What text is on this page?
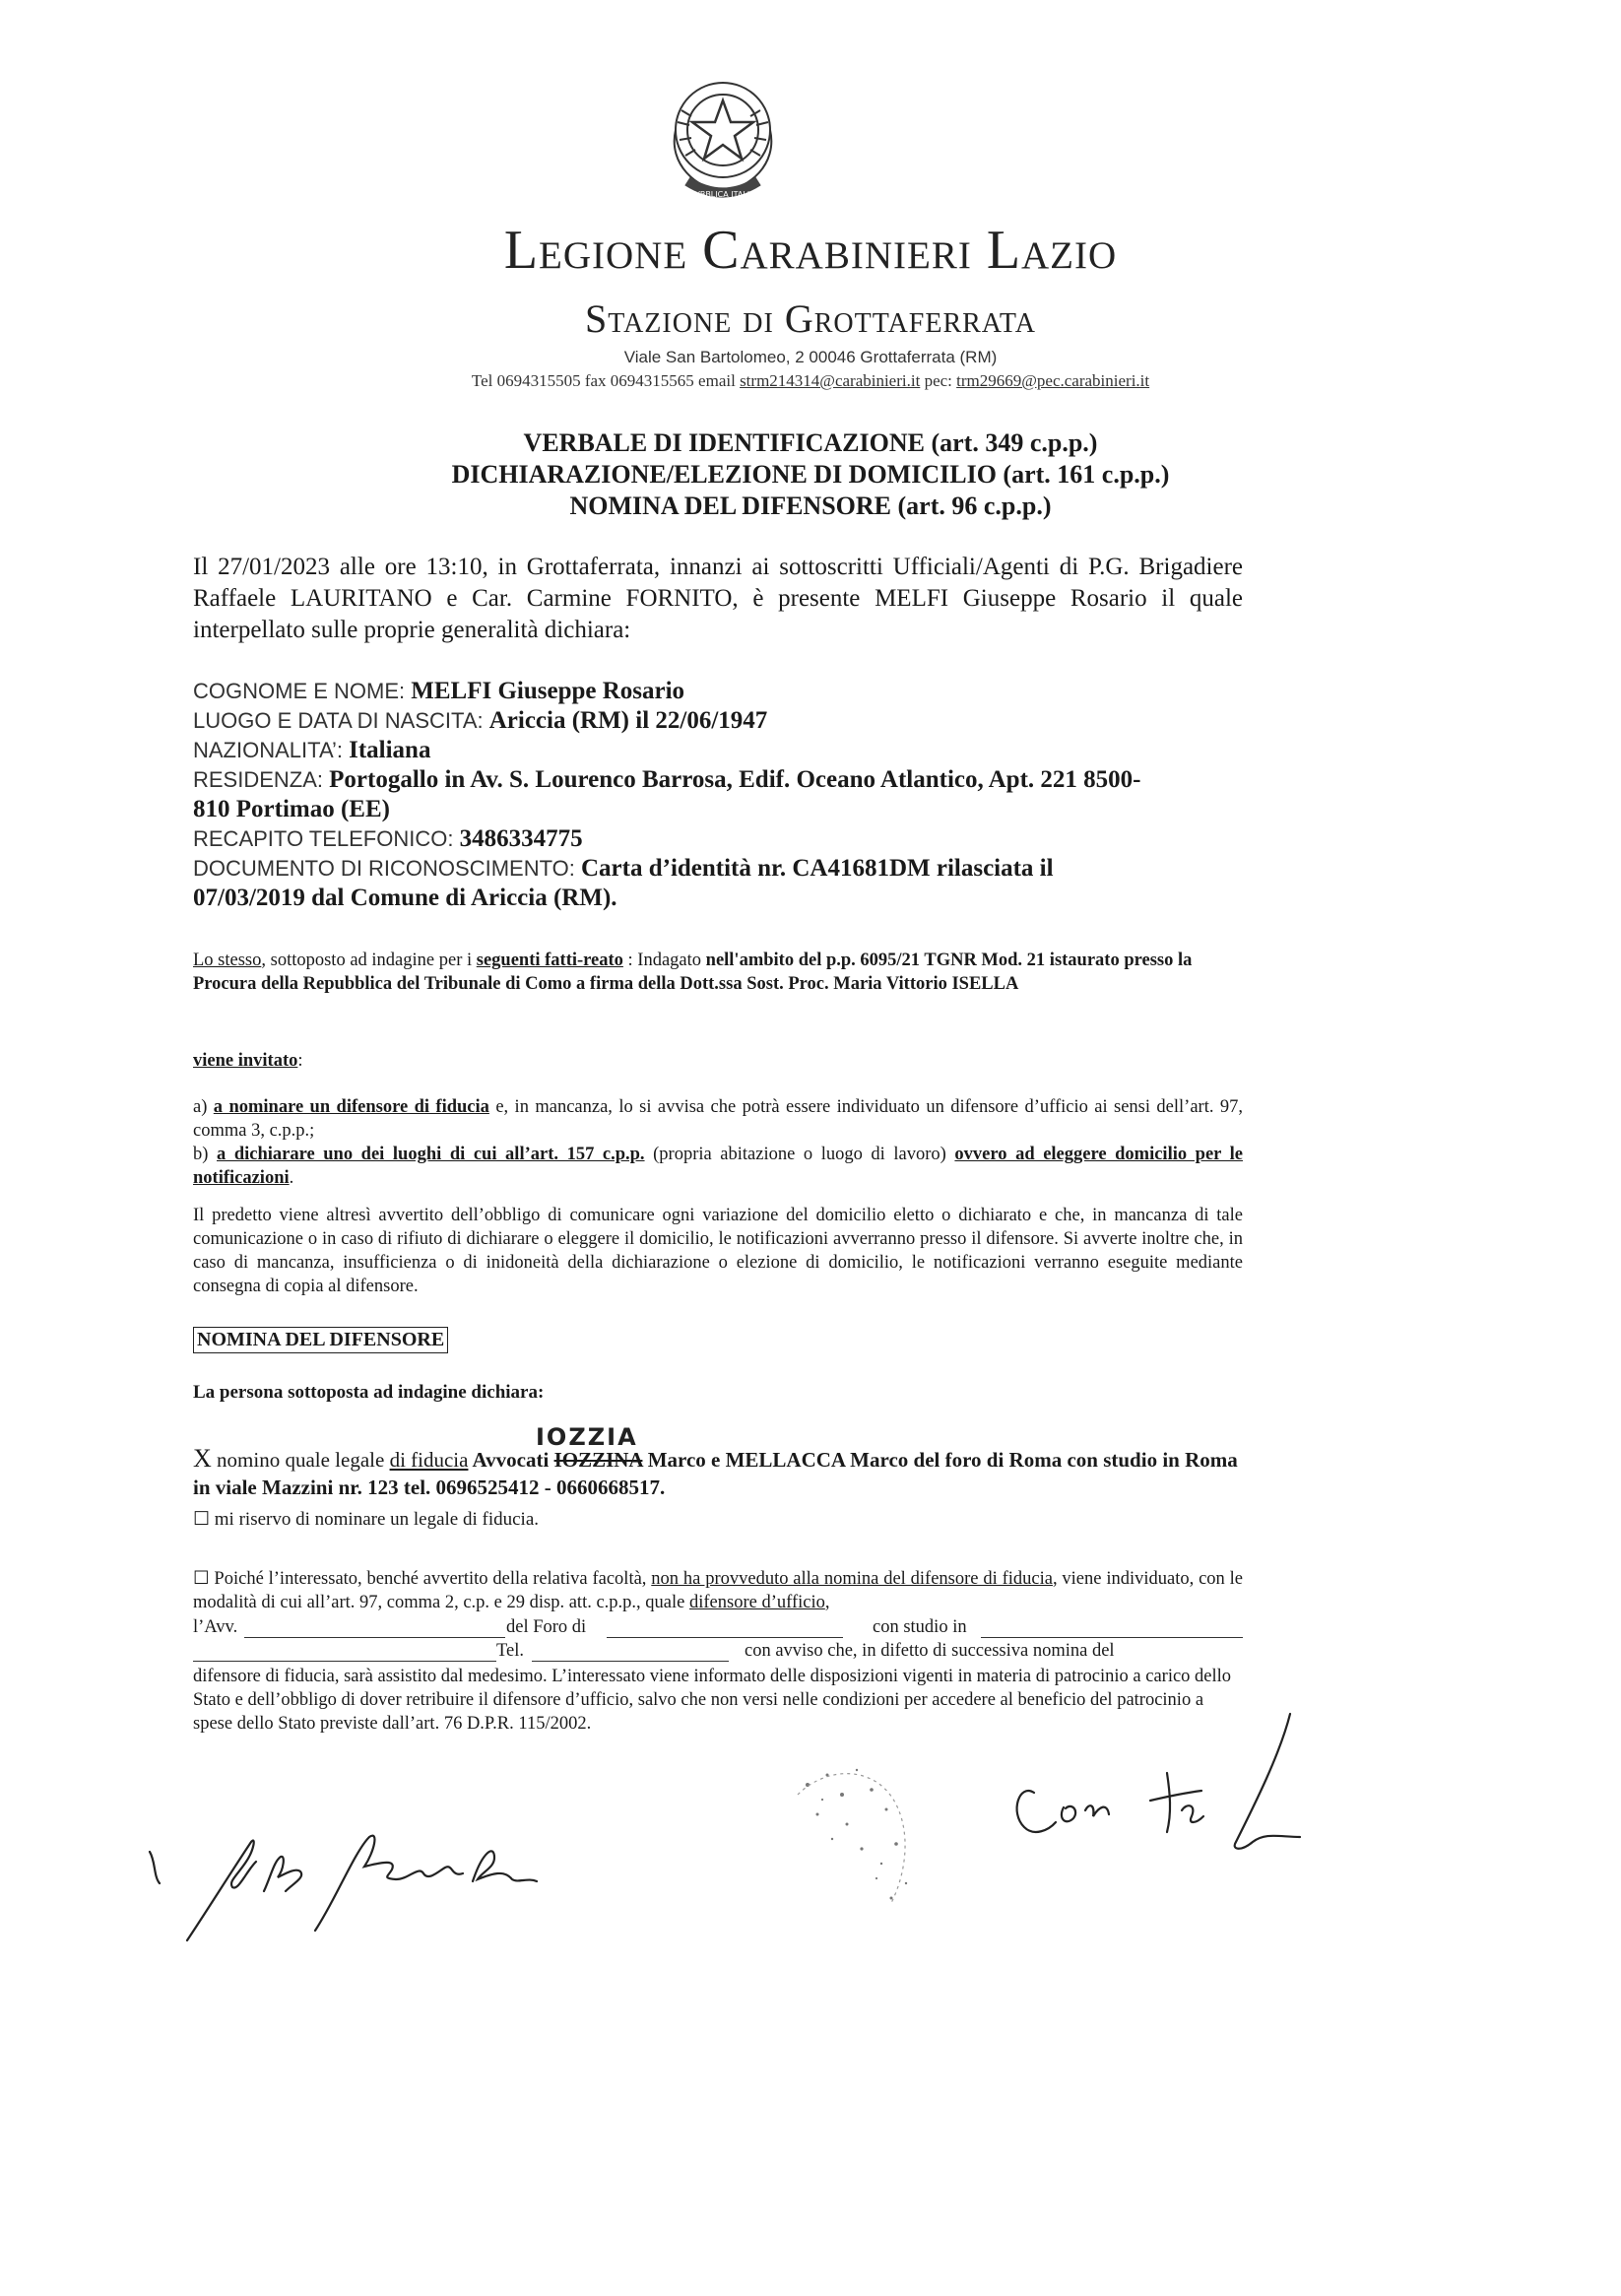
REPVBBLICA ITALIANA
Legione Carabinieri Lazio
Stazione di Grottaferrata
Viale San Bartolomeo, 2 00046 Grottaferrata (RM)
Tel 0694315505 fax 0694315565 email strm214314@carabinieri.it pec: trm29669@pec.carabinieri.it
VERBALE DI IDENTIFICAZIONE (art. 349 c.p.p.)
DICHIARAZIONE/ELEZIONE DI DOMICILIO (art. 161 c.p.p.)
NOMINA DEL DIFENSORE (art. 96 c.p.p.)
Il 27/01/2023 alle ore 13:10, in Grottaferrata, innanzi ai sottoscritti Ufficiali/Agenti di P.G. Brigadiere Raffaele LAURITANO e Car. Carmine FORNITO, è presente MELFI Giuseppe Rosario il quale interpellato sulle proprie generalità dichiara:

COGNOME E NOME: MELFI Giuseppe Rosario

LUOGO E DATA DI NASCITA: Ariccia (RM) il 22/06/1947

NAZIONALITA’: Italiana

RESIDENZA: Portogallo in Av. S. Lourenco Barrosa, Edif. Oceano Atlantico, Apt. 221 8500-

810 Portimao (EE)

RECAPITO TELEFONICO: 3486334775

DOCUMENTO DI RICONOSCIMENTO: Carta d’identità nr. CA41681DM rilasciata il

07/03/2019 dal Comune di Ariccia (RM).

Lo stesso, sottoposto ad indagine per i seguenti fatti-reato : Indagato nell'ambito del p.p. 6095/21 TGNR Mod. 21 istaurato presso la Procura della Repubblica del Tribunale di Como a firma della Dott.ssa Sost. Proc. Maria Vittorio ISELLA
viene invitato:

a) a nominare un difensore di fiducia e, in mancanza, lo si avvisa che potrà essere individuato un difensore d’ufficio ai sensi dell’art. 97, comma 3, c.p.p.;

b) a dichiarare uno dei luoghi di cui all’art. 157 c.p.p. (propria abitazione o luogo di lavoro) ovvero ad eleggere domicilio per le notificazioni.

Il predetto viene altresì avvertito dell’obbligo di comunicare ogni variazione del domicilio eletto o dichiarato e che, in mancanza di tale comunicazione o in caso di rifiuto di dichiarare o eleggere il domicilio, le notificazioni avverranno presso il difensore. Si avverte inoltre che, in caso di mancanza, insufficienza o di inidoneità della dichiarazione o elezione di domicilio, le notificazioni verranno eseguite mediante consegna di copia al difensore.
NOMINA DEL DIFENSORE
La persona sottoposta ad indagine dichiara:
IOZZIA
X nomino quale legale di fiducia Avvocati IOZZINA Marco e MELLACCA Marco del foro di Roma con studio in Roma in viale Mazzini nr. 123 tel. 0696525412 - 0660668517.
☐ mi riservo di nominare un legale di fiducia.
☐ Poiché l’interessato, benché avvertito della relativa facoltà, non ha provveduto alla nomina del difensore di fiducia, viene individuato, con le modalità di cui all’art. 97, comma 2, c.p. e 29 disp. att. c.p.p., quale difensore d’ufficio,
l’Avv.	del Foro di	con studio in
Tel.	con avviso che, in difetto di successiva nomina del
difensore di fiducia, sarà assistito dal medesimo. L’interessato viene informato delle disposizioni vigenti in materia di patrocinio a carico dello Stato e dell’obbligo di dover retribuire il difensore d’ufficio, salvo che non versi nelle condizioni per accedere al beneficio del patrocinio a spese dello Stato previste dall’art. 76 D.P.R. 115/2002.
